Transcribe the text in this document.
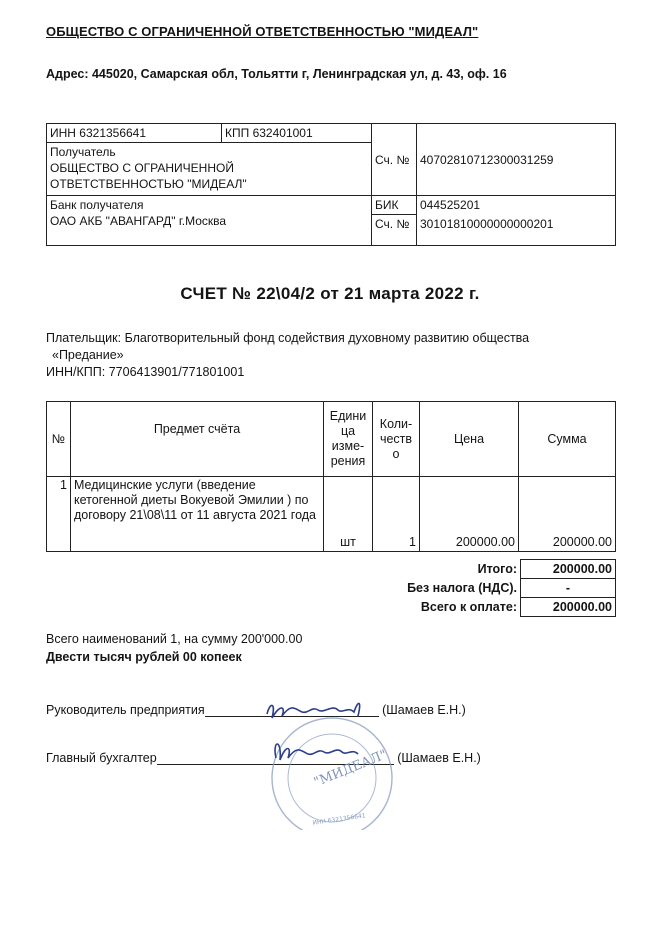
ОБЩЕСТВО С ОГРАНИЧЕННОЙ ОТВЕТСТВЕННОСТЬЮ "МИДЕАЛ"
Адрес: 445020, Самарская обл, Тольятти г, Ленинградская ул, д. 43, оф. 16
ИНН 6321356641	КПП 632401001	Сч. №	40702810712300031259

Получатель
ОБЩЕСТВО С ОГРАНИЧЕННОЙ
ОТВЕТСТВЕННОСТЬЮ "МИДЕАЛ"			

Банк получателя
ОАО АКБ "АВАНГАРД" г.Москва		БИК	044525201
		Сч. №	30101810000000000201
СЧЕТ № 22\04/2 от 21 марта 2022 г.
Плательщик: Благотворительный фонд содействия духовному развитию общества
«Предание»
ИНН/КПП: 7706413901/771801001
№	Предмет счёта	Едини ца изме- рения	Коли- честв о	Цена	Сумма
1	Медицинские услуги (введение кетогенной диеты Вокуевой Эмилии ) по договору 21\08\11 от 11 августа 2021 года	шт	1	200000.00	200000.00
Итого:	200000.00
Без налога (НДС).	-
Всего к оплате:	200000.00
Всего наименований 1, на сумму 200'000.00
Двести тысяч рублей 00 копеек
Руководитель предприятия	(Шамаев Е.Н.)
Главный бухгалтер	(Шамаев Е.Н.)
"МИДЕАЛ"
ИНН 6321356641
